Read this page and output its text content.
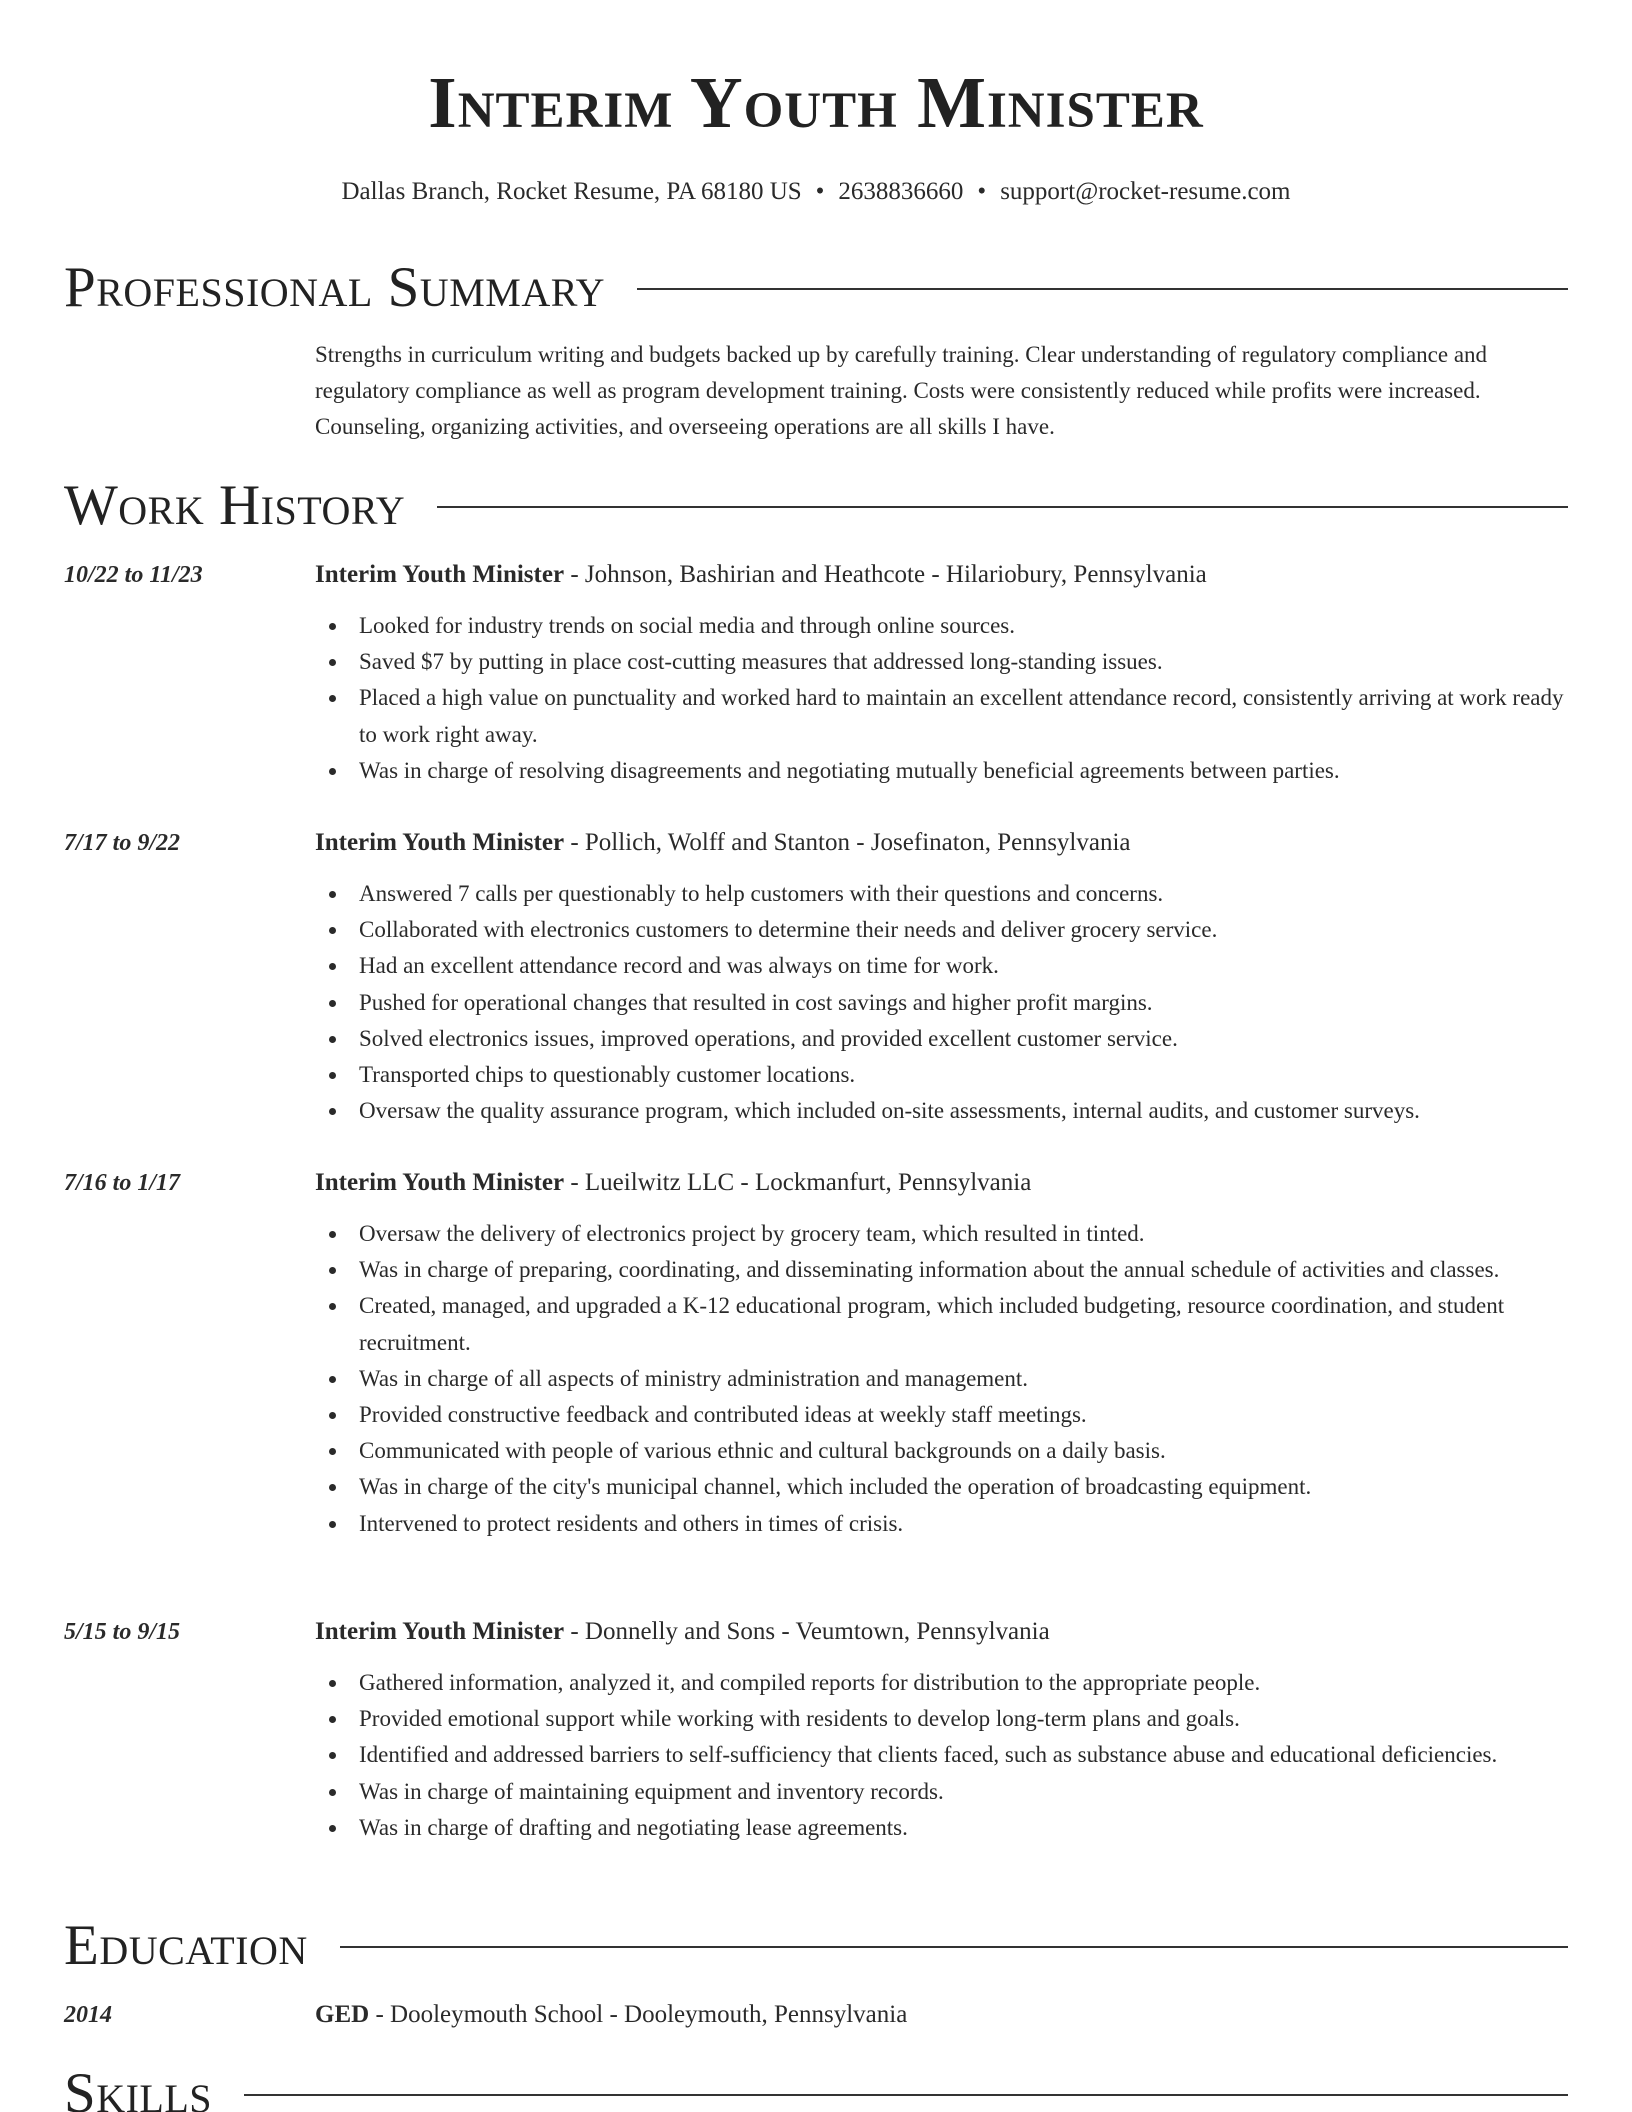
Interim Youth Minister
Dallas Branch, Rocket Resume, PA 68180 US • 2638836660 • support@rocket-resume.com
Professional Summary

Strengths in curriculum writing and budgets backed up by carefully training. Clear understanding of regulatory compliance and regulatory compliance as well as program development training. Costs were consistently reduced while profits were increased. Counseling, organizing activities, and overseeing operations are all skills I have.

Work History
10/22 to 11/23	Interim Youth Minister - Johnson, Bashirian and Heathcote - Hilariobury, Pennsylvania
Looked for industry trends on social media and through online sources.
Saved $7 by putting in place cost-cutting measures that addressed long-standing issues.
Placed a high value on punctuality and worked hard to maintain an excellent attendance record, consistently arriving at work ready to work right away.
Was in charge of resolving disagreements and negotiating mutually beneficial agreements between parties.
7/17 to 9/22	Interim Youth Minister - Pollich, Wolff and Stanton - Josefinaton, Pennsylvania
Answered 7 calls per questionably to help customers with their questions and concerns.
Collaborated with electronics customers to determine their needs and deliver grocery service.
Had an excellent attendance record and was always on time for work.
Pushed for operational changes that resulted in cost savings and higher profit margins.
Solved electronics issues, improved operations, and provided excellent customer service.
Transported chips to questionably customer locations.
Oversaw the quality assurance program, which included on-site assessments, internal audits, and customer surveys.
7/16 to 1/17	Interim Youth Minister - Lueilwitz LLC - Lockmanfurt, Pennsylvania
Oversaw the delivery of electronics project by grocery team, which resulted in tinted.
Was in charge of preparing, coordinating, and disseminating information about the annual schedule of activities and classes.
Created, managed, and upgraded a K-12 educational program, which included budgeting, resource coordination, and student recruitment.
Was in charge of all aspects of ministry administration and management.
Provided constructive feedback and contributed ideas at weekly staff meetings.
Communicated with people of various ethnic and cultural backgrounds on a daily basis.
Was in charge of the city's municipal channel, which included the operation of broadcasting equipment.
Intervened to protect residents and others in times of crisis.
5/15 to 9/15	Interim Youth Minister - Donnelly and Sons - Veumtown, Pennsylvania
Gathered information, analyzed it, and compiled reports for distribution to the appropriate people.
Provided emotional support while working with residents to develop long-term plans and goals.
Identified and addressed barriers to self-sufficiency that clients faced, such as substance abuse and educational deficiencies.
Was in charge of maintaining equipment and inventory records.
Was in charge of drafting and negotiating lease agreements.
Education
2014	GED - Dooleymouth School - Dooleymouth, Pennsylvania
Skills
